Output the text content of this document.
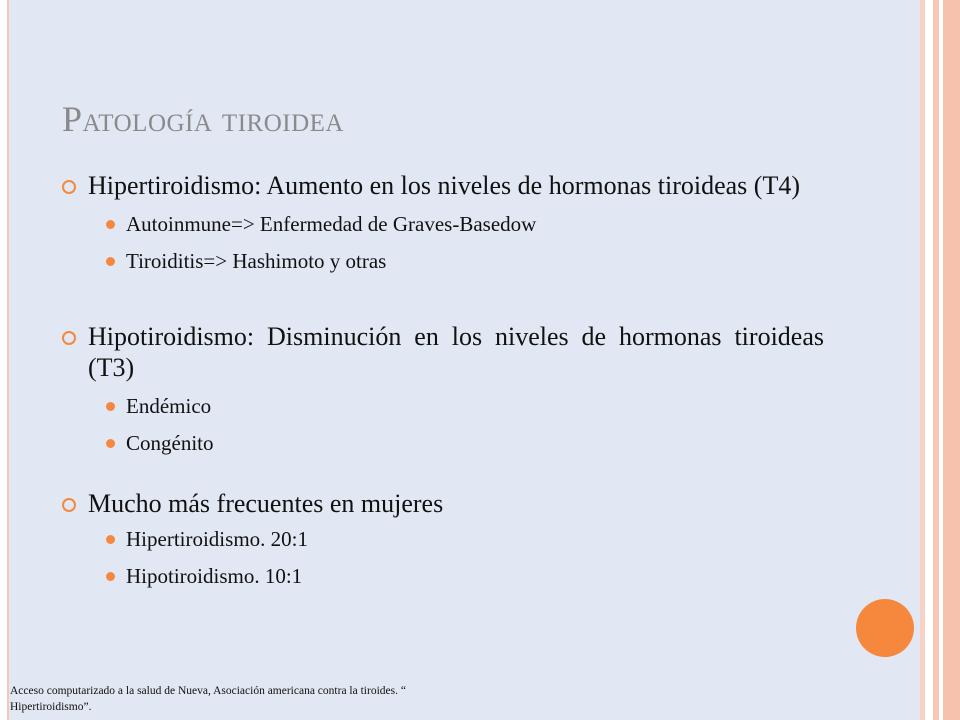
Patología tiroidea
Hipertiroidismo: Aumento en los niveles de hormonas tiroideas (T4)
Autoinmune=> Enfermedad de Graves-Basedow
Tiroiditis=> Hashimoto y otras
Hipotiroidismo: Disminución en los niveles de hormonas tiroideas (T3)
Endémico
Congénito
Mucho más frecuentes en mujeres
Hipertiroidismo. 20:1
Hipotiroidismo. 10:1
Acceso computarizado a la salud de Nueva, Asociación americana contra la tiroides. “ Hipertiroidismo”.
